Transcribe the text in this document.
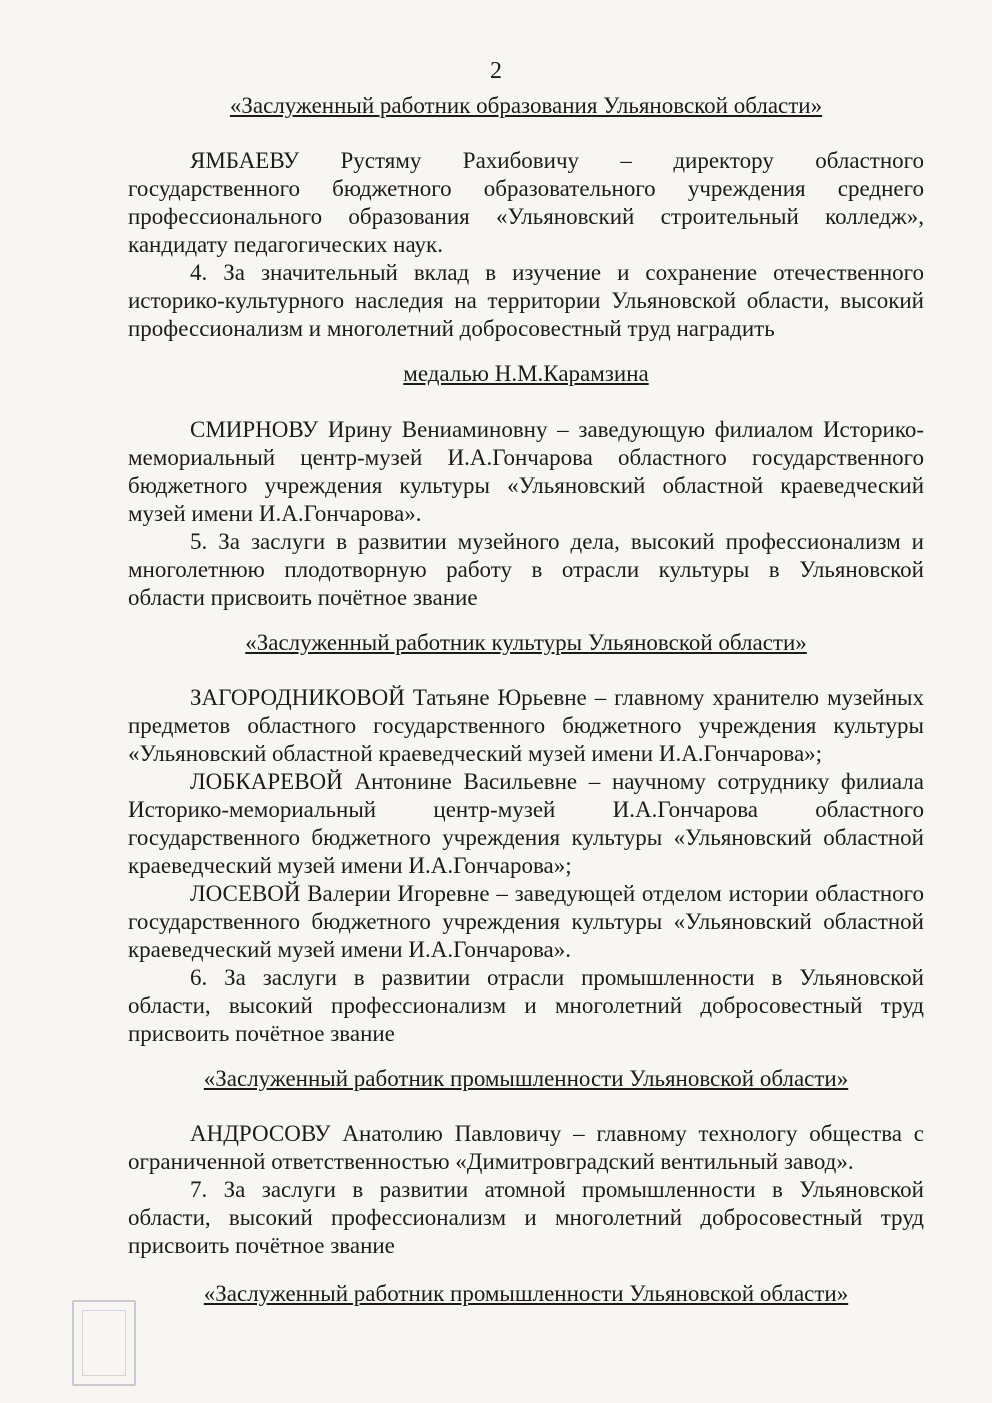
2
«Заслуженный работник образования Ульяновской области»
ЯМБАЕВУ Рустяму Рахибовичу – директору областного
государственного бюджетного образовательного учреждения среднего
профессионального образования «Ульяновский строительный колледж»,
кандидату педагогических наук.
4. За значительный вклад в изучение и сохранение отечественного
историко-культурного наследия на территории Ульяновской области, высокий
профессионализм и многолетний добросовестный труд наградить
медалью Н.М.Карамзина
СМИРНОВУ Ирину Вениаминовну – заведующую филиалом Историко-
мемориальный центр-музей И.А.Гончарова областного государственного
бюджетного учреждения культуры «Ульяновский областной краеведческий
музей имени И.А.Гончарова».
5. За заслуги в развитии музейного дела, высокий профессионализм и
многолетнюю плодотворную работу в отрасли культуры в Ульяновской
области присвоить почётное звание
«Заслуженный работник культуры Ульяновской области»
ЗАГОРОДНИКОВОЙ Татьяне Юрьевне – главному хранителю музейных
предметов областного государственного бюджетного учреждения культуры
«Ульяновский областной краеведческий музей имени И.А.Гончарова»;
ЛОБКАРЕВОЙ Антонине Васильевне – научному сотруднику филиала
Историко-мемориальный центр-музей И.А.Гончарова областного
государственного бюджетного учреждения культуры «Ульяновский областной
краеведческий музей имени И.А.Гончарова»;
ЛОСЕВОЙ Валерии Игоревне – заведующей отделом истории областного
государственного бюджетного учреждения культуры «Ульяновский областной
краеведческий музей имени И.А.Гончарова».
6. За заслуги в развитии отрасли промышленности в Ульяновской
области, высокий профессионализм и многолетний добросовестный труд
присвоить почётное звание
«Заслуженный работник промышленности Ульяновской области»
АНДРОСОВУ Анатолию Павловичу – главному технологу общества с
ограниченной ответственностью «Димитровградский вентильный завод».
7. За заслуги в развитии атомной промышленности в Ульяновской
области, высокий профессионализм и многолетний добросовестный труд
присвоить почётное звание
«Заслуженный работник промышленности Ульяновской области»
